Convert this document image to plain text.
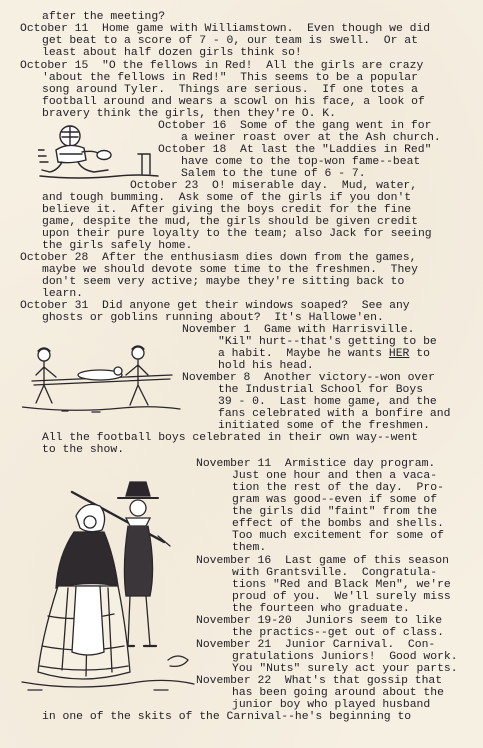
after the meeting?
October 11  Home game with Williamstown.  Even though we did
get beat to a score of 7 - 0, our team is swell.  Or at
least about half dozen girls think so!
October 15  "O the fellows in Red!  All the girls are crazy
'about the fellows in Red!"  This seems to be a popular
song around Tyler.  Things are serious.  If one totes a
football around and wears a scowl on his face, a look of
bravery think the girls, then they're O. K.
October 16  Some of the gang went in for
a weiner roast over at the Ash church.
October 18  At last the "Laddies in Red"
have come to the top-won fame--beat
Salem to the tune of 6 - 7.
October 23  O! miserable day.  Mud, water,
and tough bumming.  Ask some of the girls if you don't
believe it.  After giving the boys credit for the fine
game, despite the mud, the girls should be given credit
upon their pure loyalty to the team; also Jack for seeing
the girls safely home.
October 28  After the enthusiasm dies down from the games,
maybe we should devote some time to the freshmen.  They
don't seem very active; maybe they're sitting back to
learn.
October 31  Did anyone get their windows soaped?  See any
ghosts or goblins running about?  It's Hallowe'en.
November 1  Game with Harrisville.
"Kil" hurt--that's getting to be
a habit.  Maybe he wants HER to
hold his head.
November 8  Another victory--won over
the Industrial School for Boys
39 - 0.  Last home game, and the
fans celebrated with a bonfire and
initiated some of the freshmen.
All the football boys celebrated in their own way--went
to the show.
November 11  Armistice day program.
Just one hour and then a vaca-
tion the rest of the day.  Pro-
gram was good--even if some of
the girls did "faint" from the
effect of the bombs and shells.
Too much excitement for some of
them.
November 16  Last game of this season
with Grantsville.  Congratula-
tions "Red and Black Men", we're
proud of you.  We'll surely miss
the fourteen who graduate.
November 19-20  Juniors seem to like
the practics--get out of class.
November 21  Junior Carnival.  Con-
gratulations Juniors!  Good work.
You "Nuts" surely act your parts.
November 22  What's that gossip that
has been going around about the
junior boy who played husband
in one of the skits of the Carnival--he's beginning to
